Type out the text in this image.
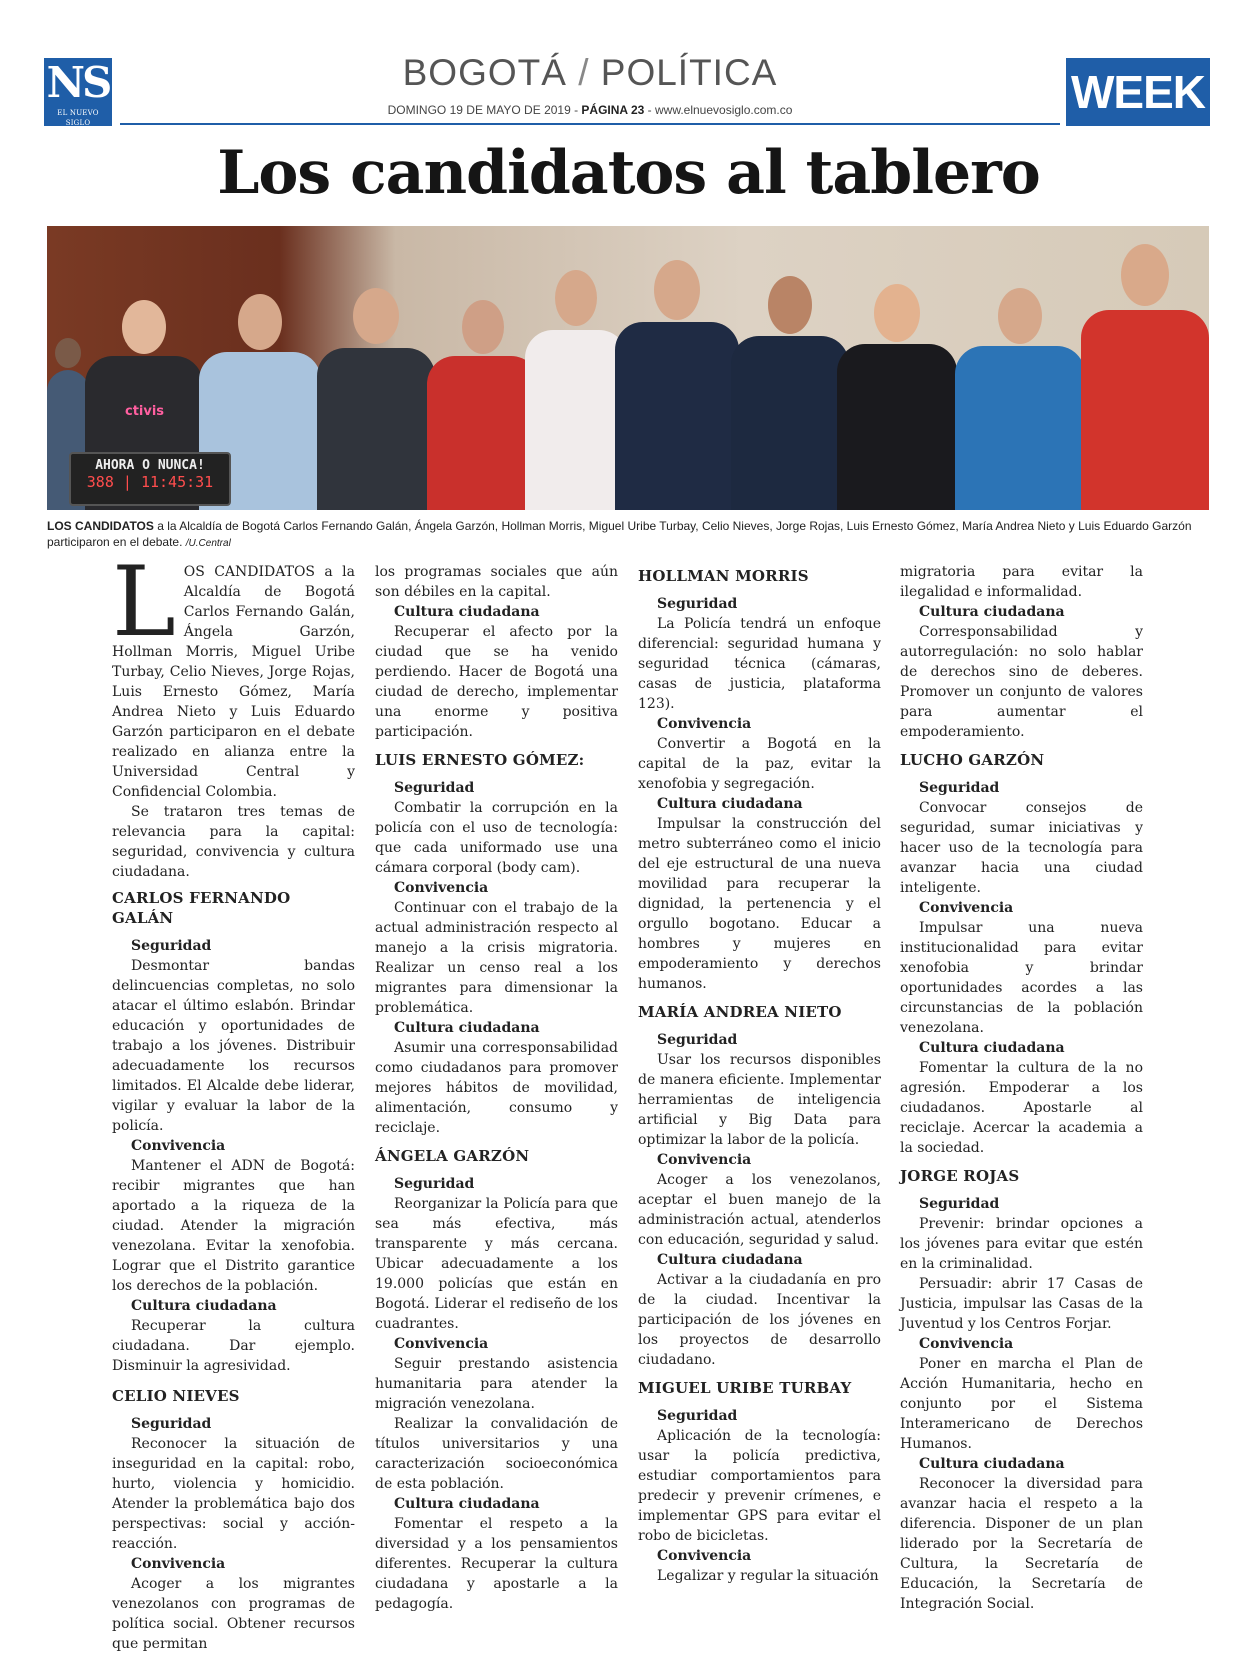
NS
EL NUEVO SIGLO
BOGOTÁ / POLÍTICA
DOMINGO 19 DE MAYO DE 2019 - PÁGINA 23 - www.elnuevosiglo.com.co	WEEK
Los candidatos al tablero
ctivis
AHORA O NUNCA!
388 | 11:45:31
LOS CANDIDATOS a la Alcaldía de Bogotá Carlos Fernando Galán, Ángela Garzón, Hollman Morris, Miguel Uribe Turbay, Celio Nieves, Jorge Rojas, Luis Ernesto Gómez, María Andrea Nieto y Luis Eduardo Garzón participaron en el debate. /U.Central

LOS CANDIDATOS a la Alcaldía de Bogotá Carlos Fernando Galán, Ángela Garzón, Hollman Morris, Miguel Uribe Turbay, Celio Nieves, Jorge Rojas, Luis Ernesto Gómez, María Andrea Nieto y Luis Eduardo Garzón participaron en el debate realizado en alianza entre la Universidad Central y Confidencial Colombia.

Se trataron tres temas de relevancia para la capital: seguridad, convivencia y cultura ciudadana.

CARLOS FERNANDO GALÁN
Seguridad

Desmontar bandas delincuencias completas, no solo atacar el último eslabón. Brindar educación y oportunidades de trabajo a los jóvenes. Distribuir adecuadamente los recursos limitados. El Alcalde debe liderar, vigilar y evaluar la labor de la policía.

Convivencia

Mantener el ADN de Bogotá: recibir migrantes que han aportado a la riqueza de la ciudad. Atender la migración venezolana. Evitar la xenofobia. Lograr que el Distrito garantice los derechos de la población.

Cultura ciudadana

Recuperar la cultura ciudadana. Dar ejemplo. Disminuir la agresividad.

CELIO NIEVES
Seguridad

Reconocer la situación de inseguridad en la capital: robo, hurto, violencia y homicidio. Atender la problemática bajo dos perspectivas: social y acción-reacción.

Convivencia

Acoger a los migrantes venezolanos con programas de política social. Obtener recursos que permitan

los programas sociales que aún son débiles en la capital.

Cultura ciudadana

Recuperar el afecto por la ciudad que se ha venido perdiendo. Hacer de Bogotá una ciudad de derecho, implementar una enorme y positiva participación.

LUIS ERNESTO GÓMEZ:
Seguridad

Combatir la corrupción en la policía con el uso de tecnología: que cada uniformado use una cámara corporal (body cam).

Convivencia

Continuar con el trabajo de la actual administración respecto al manejo a la crisis migratoria. Realizar un censo real a los migrantes para dimensionar la problemática.

Cultura ciudadana

Asumir una corresponsabilidad como ciudadanos para promover mejores hábitos de movilidad, alimentación, consumo y reciclaje.

ÁNGELA GARZÓN
Seguridad

Reorganizar la Policía para que sea más efectiva, más transparente y más cercana. Ubicar adecuadamente a los 19.000 policías que están en Bogotá. Liderar el rediseño de los cuadrantes.

Convivencia

Seguir prestando asistencia humanitaria para atender la migración venezolana.

Realizar la convalidación de títulos universitarios y una caracterización socioeconómica de esta población.

Cultura ciudadana

Fomentar el respeto a la diversidad y a los pensamientos diferentes. Recuperar la cultura ciudadana y apostarle a la pedagogía.

HOLLMAN MORRIS
Seguridad

La Policía tendrá un enfoque diferencial: seguridad humana y seguridad técnica (cámaras, casas de justicia, plataforma 123).

Convivencia

Convertir a Bogotá en la capital de la paz, evitar la xenofobia y segregación.

Cultura ciudadana

Impulsar la construcción del metro subterráneo como el inicio del eje estructural de una nueva movilidad para recuperar la dignidad, la pertenencia y el orgullo bogotano. Educar a hombres y mujeres en empoderamiento y derechos humanos.

MARÍA ANDREA NIETO
Seguridad

Usar los recursos disponibles de manera eficiente. Implementar herramientas de inteligencia artificial y Big Data para optimizar la labor de la policía.

Convivencia

Acoger a los venezolanos, aceptar el buen manejo de la administración actual, atenderlos con educación, seguridad y salud.

Cultura ciudadana

Activar a la ciudadanía en pro de la ciudad. Incentivar la participación de los jóvenes en los proyectos de desarrollo ciudadano.

MIGUEL URIBE TURBAY
Seguridad

Aplicación de la tecnología: usar la policía predictiva, estudiar comportamientos para predecir y prevenir crímenes, e implementar GPS para evitar el robo de bicicletas.

Convivencia

Legalizar y regular la situación

migratoria para evitar la ilegalidad e informalidad.

Cultura ciudadana

Corresponsabilidad y autorregulación: no solo hablar de derechos sino de deberes. Promover un conjunto de valores para aumentar el empoderamiento.

LUCHO GARZÓN
Seguridad

Convocar consejos de seguridad, sumar iniciativas y hacer uso de la tecnología para avanzar hacia una ciudad inteligente.

Convivencia

Impulsar una nueva institucionalidad para evitar xenofobia y brindar oportunidades acordes a las circunstancias de la población venezolana.

Cultura ciudadana

Fomentar la cultura de la no agresión. Empoderar a los ciudadanos. Apostarle al reciclaje. Acercar la academia a la sociedad.

JORGE ROJAS
Seguridad

Prevenir: brindar opciones a los jóvenes para evitar que estén en la criminalidad.

Persuadir: abrir 17 Casas de Justicia, impulsar las Casas de la Juventud y los Centros Forjar.

Convivencia

Poner en marcha el Plan de Acción Humanitaria, hecho en conjunto por el Sistema Interamericano de Derechos Humanos.

Cultura ciudadana

Reconocer la diversidad para avanzar hacia el respeto a la diferencia. Disponer de un plan liderado por la Secretaría de Cultura, la Secretaría de Educación, la Secretaría de Integración Social.
